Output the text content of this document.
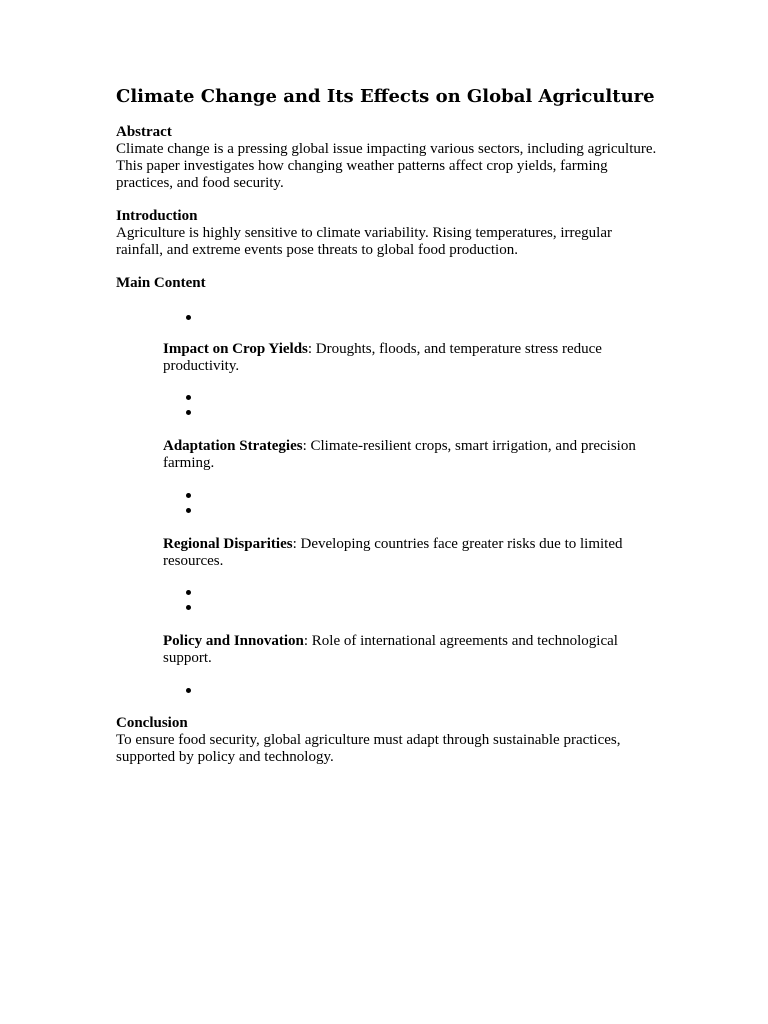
Climate Change and Its Effects on Global Agriculture
Abstract

Climate change is a pressing global issue impacting various sectors, including agriculture. This paper investigates how changing weather patterns affect crop yields, farming practices, and food security.

Introduction

Agriculture is highly sensitive to climate variability. Rising temperatures, irregular rainfall, and extreme events pose threats to global food production.

Main Content

Impact on Crop Yields: Droughts, floods, and temperature stress reduce productivity.

Adaptation Strategies: Climate-resilient crops, smart irrigation, and precision farming.

Regional Disparities: Developing countries face greater risks due to limited resources.

Policy and Innovation: Role of international agreements and technological support.

Conclusion

To ensure food security, global agriculture must adapt through sustainable practices, supported by policy and technology.
